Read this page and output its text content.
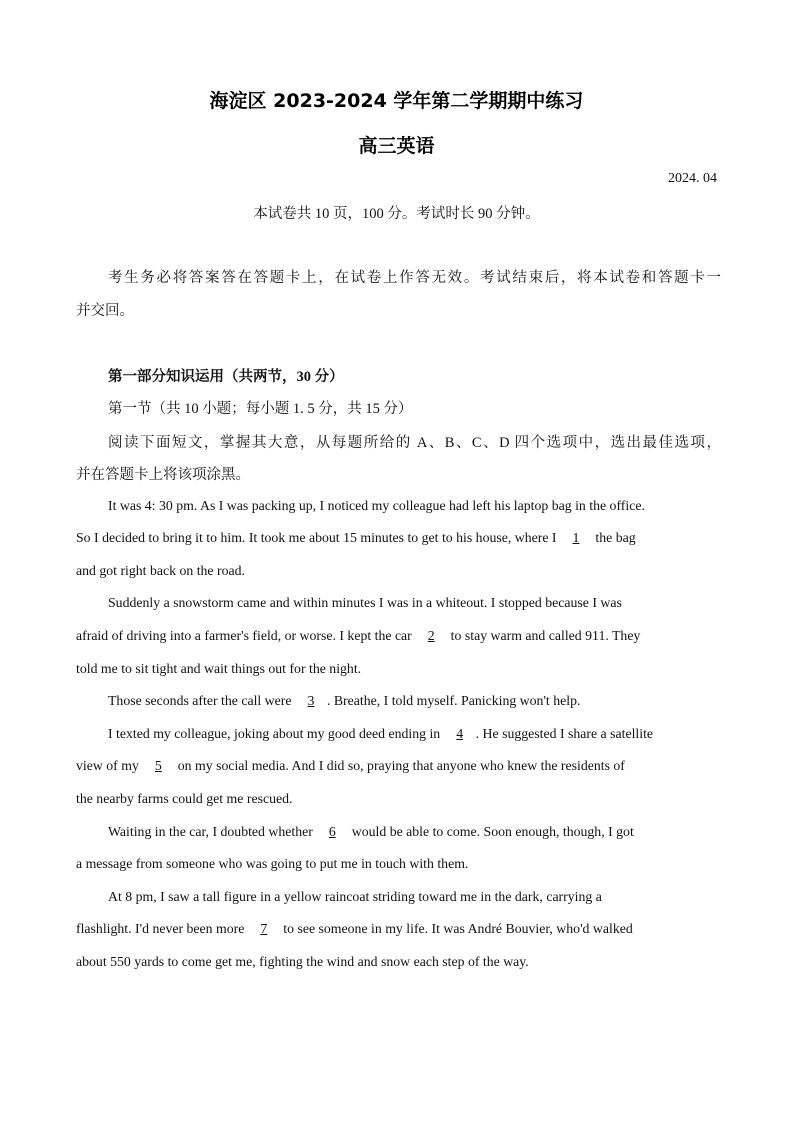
海淀区 2023-2024 学年第二学期期中练习
高三英语
2024. 04
本试卷共 10 页，100 分。考试时长 90 分钟。
考生务必将答案答在答题卡上，在试卷上作答无效。考试结束后，将本试卷和答题卡一
并交回。
第一部分知识运用（共两节，30 分）
第一节（共 10 小题；每小题 1. 5 分，共 15 分）
阅读下面短文，掌握其大意，从每题所给的 A、B、C、D 四个选项中，选出最佳选项，
并在答题卡上将该项涂黑。
It was 4: 30 pm. As I was packing up, I noticed my colleague had left his laptop bag in the office.
So I decided to bring it to him. It took me about 15 minutes to get to his house, where I 1 the bag
and got right back on the road.
Suddenly a snowstorm came and within minutes I was in a whiteout. I stopped because I was
afraid of driving into a farmer's field, or worse. I kept the car 2 to stay warm and called 911. They
told me to sit tight and wait things out for the night.
Those seconds after the call were 3 . Breathe, I told myself. Panicking won't help.
I texted my colleague, joking about my good deed ending in 4 . He suggested I share a satellite
view of my 5 on my social media. And I did so, praying that anyone who knew the residents of
the nearby farms could get me rescued.
Waiting in the car, I doubted whether 6 would be able to come. Soon enough, though, I got
a message from someone who was going to put me in touch with them.
At 8 pm, I saw a tall figure in a yellow raincoat striding toward me in the dark, carrying a
flashlight. I'd never been more 7 to see someone in my life. It was André Bouvier, who'd walked
about 550 yards to come get me, fighting the wind and snow each step of the way.
